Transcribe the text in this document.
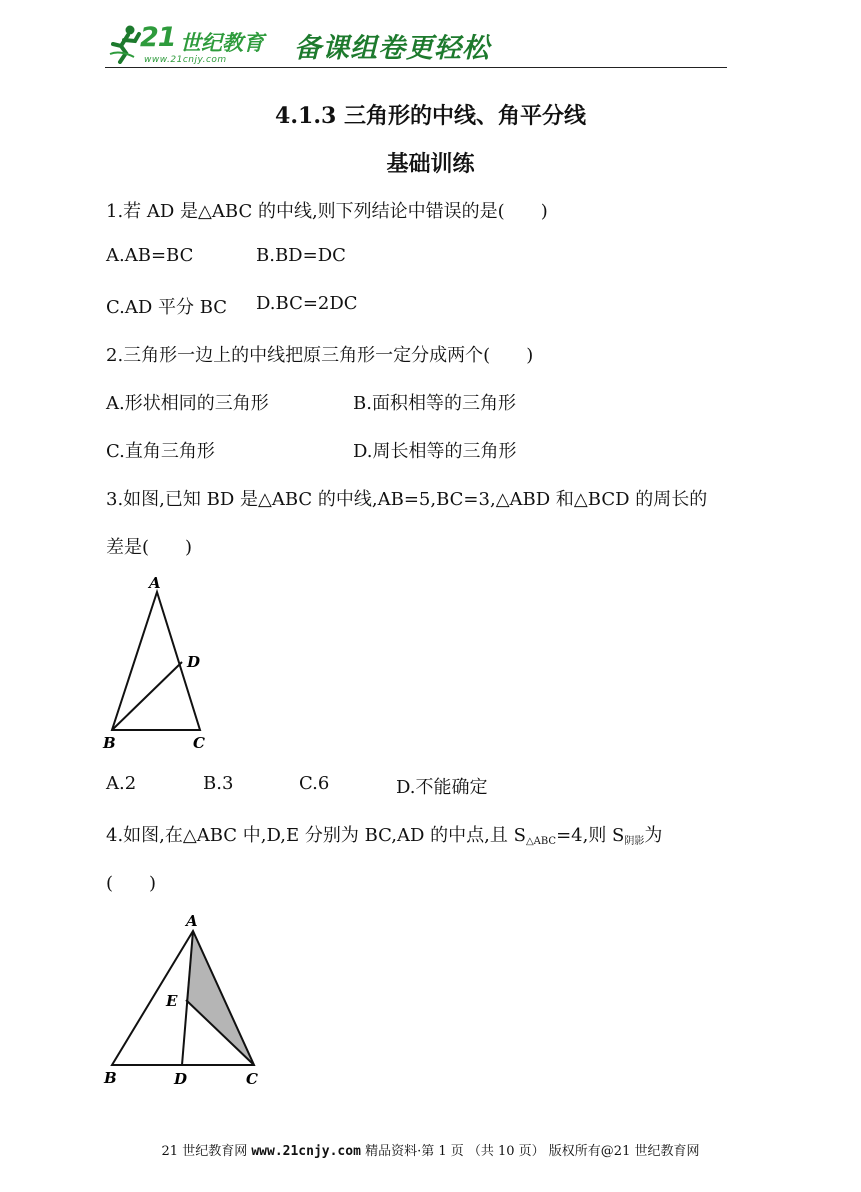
21 世纪教育
www.21cnjy.com 备课组卷更轻松
4.1.3 三角形的中线、角平分线
基础训练
1.若 AD 是△ABC 的中线,则下列结论中错误的是(　　)
A.AB=BC	B.BD=DC
C.AD 平分 BC D.BC=2DC
2.三角形一边上的中线把原三角形一定分成两个(　　)
A.形状相同的三角形	B.面积相等的三角形
C.直角三角形	D.周长相等的三角形
3.如图,已知 BD 是△ABC 的中线,AB=5,BC=3,△ABD 和△BCD 的周长的
差是(　　)
A
D
B	C
A.2	B.3	C.6	D.不能确定
4.如图,在△ABC 中,D,E 分别为 BC,AD 的中点,且 $S_{\triangle ABC}=4$,则 $S_{阴影}$为
(　　)
A
E
B	D	C
21 世纪教育网 www.21cnjy.com 精品资料·第 1 页 （共 10 页） 版权所有@21 世纪教育网
